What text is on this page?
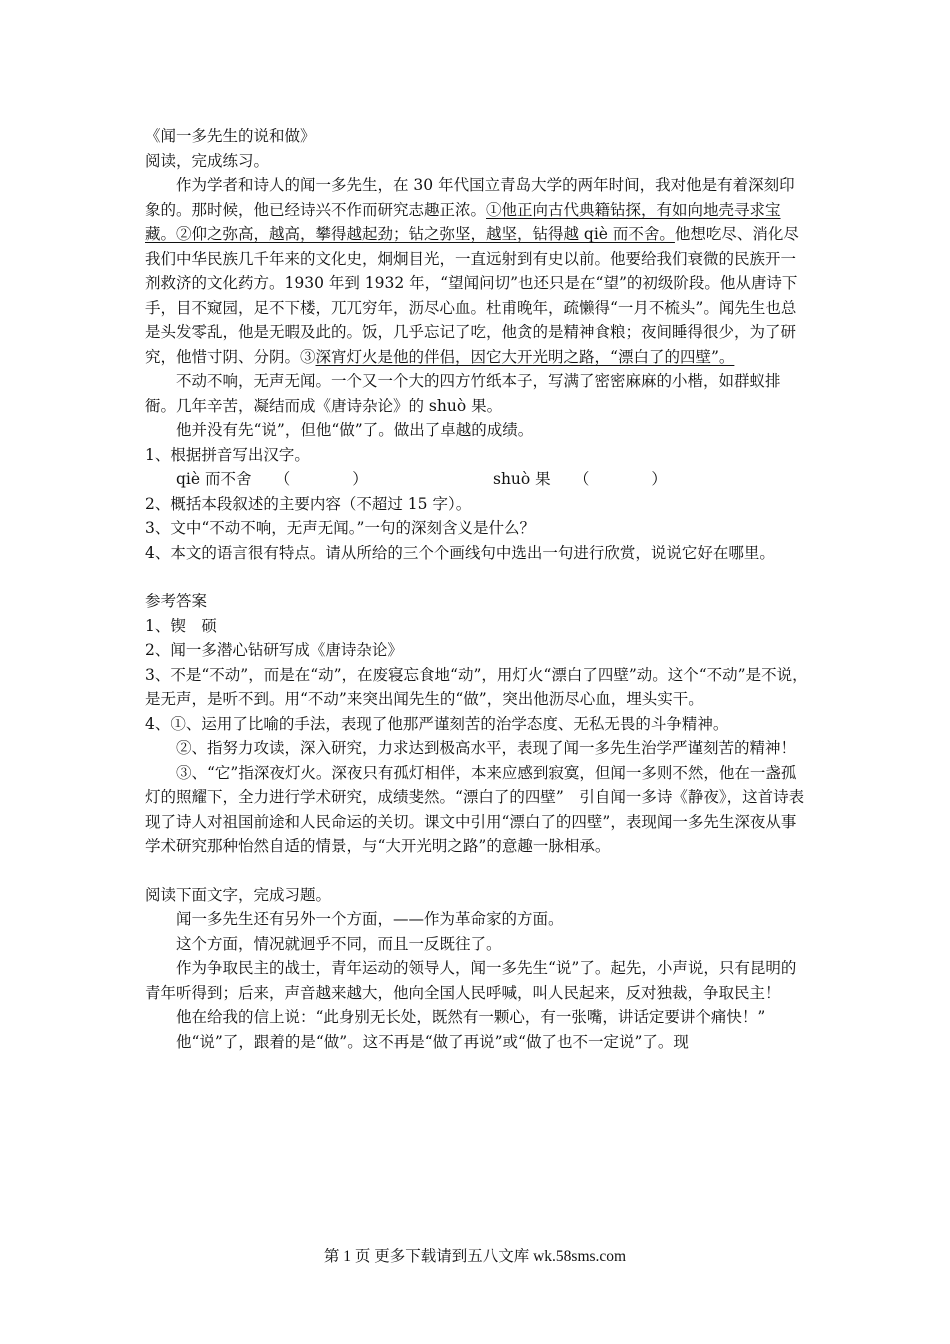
《闻一多先生的说和做》

阅读，完成练习。

作为学者和诗人的闻一多先生，在 30 年代国立青岛大学的两年时间，我对他是有着深刻印象的。那时候，他已经诗兴不作而研究志趣正浓。①他正向古代典籍钻探，有如向地壳寻求宝藏。②仰之弥高，越高，攀得越起劲；钻之弥坚，越坚，钻得越 qiè 而不舍。他想吃尽、消化尽我们中华民族几千年来的文化史，炯炯目光，一直远射到有史以前。他要给我们衰微的民族开一剂救济的文化药方。1930 年到 1932 年，“望闻问切”也还只是在“望”的初级阶段。他从唐诗下手，目不窥园，足不下楼，兀兀穷年，沥尽心血。杜甫晚年，疏懒得“一月不梳头”。闻先生也总是头发零乱，他是无暇及此的。饭，几乎忘记了吃，他贪的是精神食粮；夜间睡得很少，为了研究，他惜寸阴、分阴。③深宵灯火是他的伴侣，因它大开光明之路，“漂白了的四壁”。

不动不响，无声无闻。一个又一个大的四方竹纸本子，写满了密密麻麻的小楷，如群蚁排衙。几年辛苦，凝结而成《唐诗杂论》的 shuò 果。

他并没有先“说”，但他“做”了。做出了卓越的成绩。

1、根据拼音写出汉字。

qiè 而不舍　　（　　　　）	shuò 果　　（　　　　）

2、概括本段叙述的主要内容（不超过 15 字）。

3、文中“不动不响，无声无闻。”一句的深刻含义是什么？

4、本文的语言很有特点。请从所给的三个个画线句中选出一句进行欣赏，说说它好在哪里。

参考答案

1、锲　硕

2、闻一多潜心钻研写成《唐诗杂论》

3、不是“不动”，而是在“动”，在废寝忘食地“动”，用灯火“漂白了四壁”动。这个“不动”是不说，是无声，是听不到。用“不动”来突出闻先生的“做”，突出他沥尽心血，埋头实干。

4、①、运用了比喻的手法，表现了他那严谨刻苦的治学态度、无私无畏的斗争精神。

②、指努力攻读，深入研究，力求达到极高水平，表现了闻一多先生治学严谨刻苦的精神！

③、“它”指深夜灯火。深夜只有孤灯相伴，本来应感到寂寞，但闻一多则不然，他在一盏孤灯的照耀下，全力进行学术研究，成绩斐然。“漂白了的四壁”　引自闻一多诗《静夜》，这首诗表现了诗人对祖国前途和人民命运的关切。课文中引用“漂白了的四壁”，表现闻一多先生深夜从事学术研究那种怡然自适的情景，与“大开光明之路”的意趣一脉相承。

阅读下面文字，完成习题。

闻一多先生还有另外一个方面，——作为革命家的方面。

这个方面，情况就迥乎不同，而且一反既往了。

作为争取民主的战士，青年运动的领导人，闻一多先生“说”了。起先，小声说，只有昆明的青年听得到；后来，声音越来越大，他向全国人民呼喊，叫人民起来，反对独裁，争取民主！

他在给我的信上说：“此身别无长处，既然有一颗心，有一张嘴，讲话定要讲个痛快！”

他“说”了，跟着的是“做”。这不再是“做了再说”或“做了也不一定说”了。现

第 1 页 更多下载请到五八文库 wk.58sms.com
